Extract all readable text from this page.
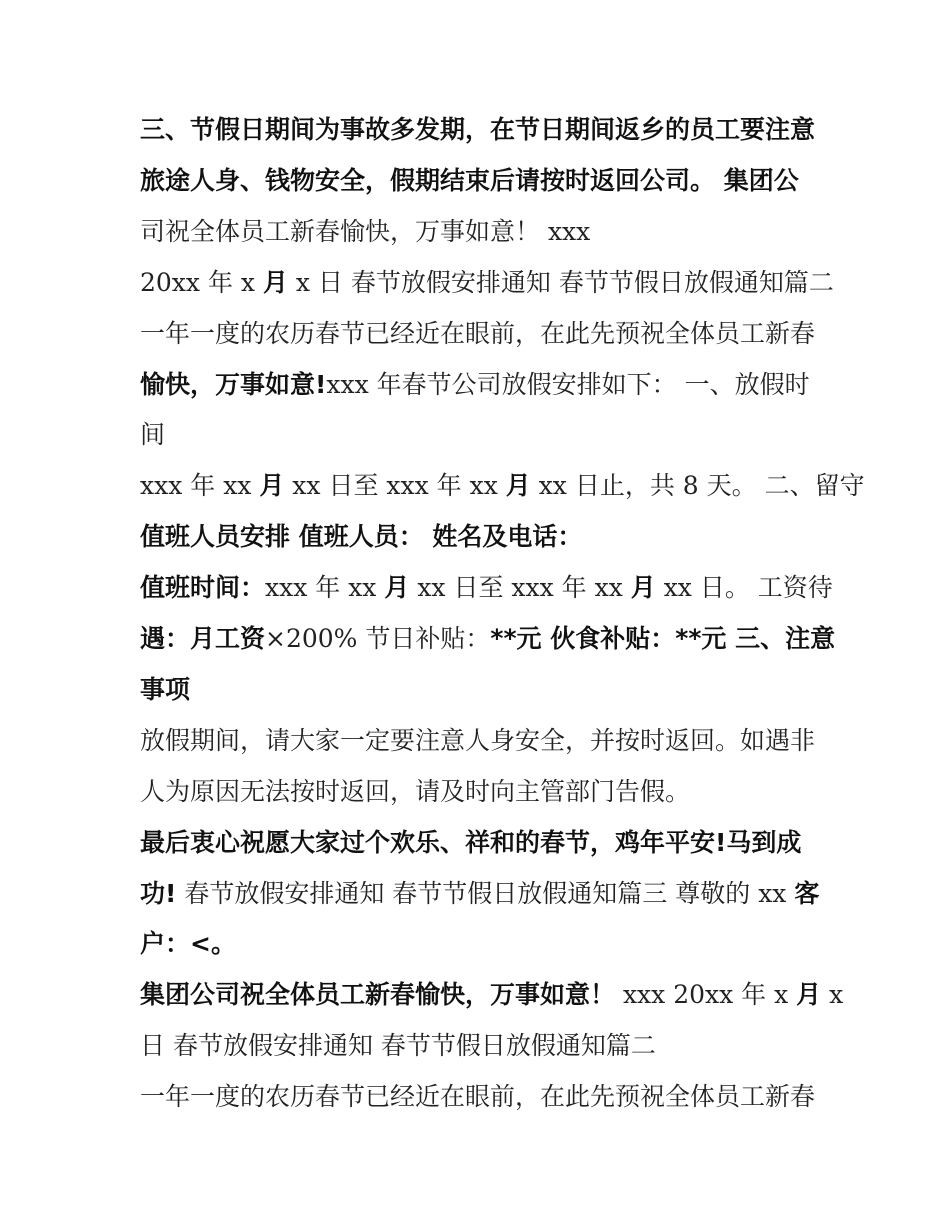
三、节假日期间为事故多发期，在节日期间返乡的员工要注意
旅途人身、钱物安全，假期结束后请按时返回公司。 集团公
司祝全体员工新春愉快，万事如意！ xxx
20xx 年 x 月 x 日 春节放假安排通知 春节节假日放假通知篇二
一年一度的农历春节已经近在眼前，在此先预祝全体员工新春
愉快，万事如意!xxx 年春节公司放假安排如下： 一、放假时
间
xxx 年 xx 月 xx 日至 xxx 年 xx 月 xx 日止，共 8 天。 二、留守
值班人员安排 值班人员： 姓名及电话：
值班时间：xxx 年 xx 月 xx 日至 xxx 年 xx 月 xx 日。 工资待
遇：月工资×200% 节日补贴：**元 伙食补贴：**元 三、注意
事项
放假期间，请大家一定要注意人身安全，并按时返回。如遇非
人为原因无法按时返回，请及时向主管部门告假。
最后衷心祝愿大家过个欢乐、祥和的春节，鸡年平安!马到成
功! 春节放假安排通知 春节节假日放假通知篇三 尊敬的 xx 客
户：<。
集团公司祝全体员工新春愉快，万事如意！ xxx 20xx 年 x 月 x
日 春节放假安排通知 春节节假日放假通知篇二
一年一度的农历春节已经近在眼前，在此先预祝全体员工新春
